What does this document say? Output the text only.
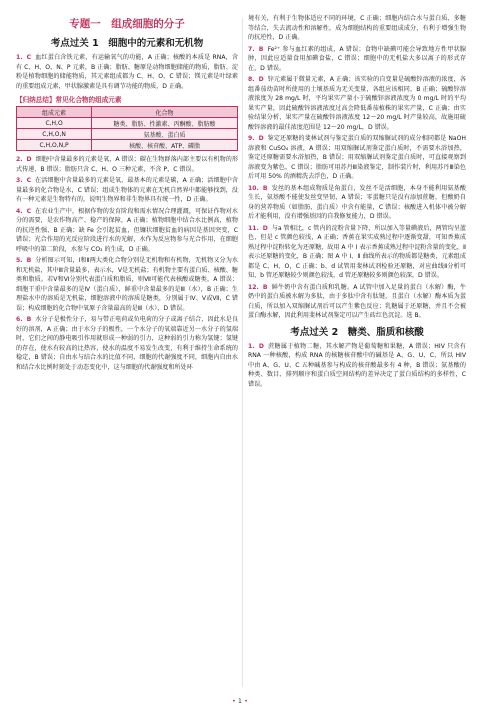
专题一　组成细胞的分子
考点过关 1　细胞中的元素和无机物

1. C 血红蛋白含铁元素，有运输氧气的功能，A 正确；核酸的本质是 RNA，含有 C、H、O、N、P 元素，B 正确；脂肪、糖原是动物细胞储能的物质，脂肪、淀粉是植物细胞的储能物质，其元素组成都为 C、H、O，C 错误；镁元素是叶绿素的重要组成元素，甲状腺激素是具有调节功能的物质，D 正确。

【归纳总结】常见化合物的组成元素
组成元素	化合物
C,H,O	糖类、脂肪、性激素、丙酮酸、脂肪酸
C,H,O,N	氨基酸、蛋白质
C,H,O,N,P	核酸、核苷酸、ATP、磷脂

2. D 细胞中含量最多的元素是氧，A 错误；碳在生物群落内部主要以有机物的形式传递，B 错误；脂肪只含 C、H、O 三种元素，不含 P，C 错误。

3. C 在活细胞中含量最多的元素是氧，最基本的元素是碳，A 正确；活细胞中含量最多的化合物是水，C 错误；组成生物体的元素在无机自然界中都能够找到，没有一种元素是生物特有的，说明生物界和非生物界具有统一性，D 正确。

4. C 在农业生产中，根据作物的发育阶段和需水情况合理灌溉，可保证作物对水分的需要，是农作物高产、稳产的保障，A 正确；植物细胞中结合水比例高，植物的抗逆性强，B 正确；缺 Fe 会引起贫血，但镰状细胞贫血的病因是基因突变，C 错误；光合作用的光反应阶段进行水的光解，水作为反应物参与光合作用，在细胞呼吸中的第二阶段，水参与 CO₂ 的生成，D 正确。

5. B 分析图示可知，Ⅰ和Ⅱ两大类化合物分别是无机物和有机物，无机物又分为水和无机盐，其中Ⅲ含量最多，表示水，Ⅴ是无机盐；有机物主要有蛋白质、核酸、糖类和脂质。若Ⅴ和Ⅵ分别代表蛋白质和脂质，则Ⅶ可能代表核酸或糖类，A 错误；细胞干重中含量最多的是Ⅳ（蛋白质），鲜重中含量最多的是Ⅲ（水），B 正确；生理盐水中的溶质是无机盐，细胞溶液中的溶质是糖类，分别属于Ⅳ、Ⅴ或Ⅶ，C 错误；构成细胞的化合物中氧原子含量最高的是Ⅲ（水），D 错误。

6. B 水分子是极性分子，易与带正电荷或负电荷的分子或离子结合，因此水是良好的溶剂，A 正确；由于水分子的极性，一个水分子的氧端靠近另一水分子的氢端时，它们之间的静电吸引作用就形成一种弱的引力，这种弱的引力称为氢键；氢键的存在，使水有较高的比热容，使水的温度不易发生改变，有利于维持生命系统的稳定，B 错误；自由水与结合水的比值不同，细胞的代谢强度不同，细胞内自由水和结合水比例时刻处于动态变化中，这与细胞的代谢强度和所处环

境有关，有利于生物体适应不同的环境，C 正确；细胞内结合水与蛋白质、多糖等结合，失去流动性和溶解性，成为细胞结构的重要组成成分，有利于增强生物的抗逆性，D 正确。

7. B Fe²⁺ 参与血红素的组成，A 错误；食物中缺碘可能会导致地方性甲状腺肿，因此应适量食用加碘食盐，C 错误；细胞中的无机盐大多以离子的形式存在，D 错误。

8. D 锌元素属于微量元素，A 正确；该实验的自变量是硫酸锌溶液的浓度，各组番茄幼苗时所使用的土壤基质为无关变量，各组应该相同，B 正确；硫酸锌溶液浓度为 28 mg/L 时，平均果实产量小于硫酸锌溶液浓度为 0 mg/L 时的平均果实产量，因此硫酸锌溶液浓度过高会降低番茄植株的果实产量，C 正确；由实验结果分析，果实产量在硫酸锌溶液浓度 12～20 mg/L 时产量较高，故施用硫酸锌溶液的最佳浓度范围是 12～20 mg/L，D 错误。

9. D 鉴定还原糖的斐林试剂与鉴定蛋白质的双缩脲试剂的成分相同都是 NaOH 溶液和 CuSO₄ 溶液，A 错误；用双缩脲试剂鉴定蛋白质时，不需要水浴加热，鉴定还原糖需要水浴加热，B 错误；用双缩脲试剂鉴定蛋白质时，可直接观察到溶液变为紫色，C 错误；脂肪可用苏丹Ⅲ染液鉴定，制作装片时，利用苏丹Ⅲ染色后可用 50% 的酒精洗去浮色，D 正确。

10. B 发丝的基本组成物质是角蛋白，发丝不是活细胞，本身不能利用氨基酸生长，氨基酸不能使发丝变坚韧，A 错误；零蛋糖只是没有添加蔗糖，但酸奶自身的营养物质（如脂肪、蛋白质）中含有能量，C 错误；核酸进入机体中被分解后才能利用，没有增强基因的自我修复能力，D 错误。

11. D 与a 管相比，c 管内的淀粉含量下降，所以加入等量碘液后，两管均呈蓝色，但是 c 管颜色较浅，A 正确；香蕉在果实成熟过程中逐渐变甜，可知香蕉成熟过程中淀粉转化为还原糖，故用 A 中 Ⅰ 表示香蕉成熟过程中淀粉含量的变化，Ⅱ表示还原糖的变化，B 正确；图 A 中 Ⅰ、Ⅱ 曲线所表示的物质都是糖类，元素组成都是 C、H、O，C 正确；b、d 试管用斐林试剂检验还原糖，对应曲线Ⅱ分析可知，b 管还原糖较少则颜色较浅，d 管还原糖较多则颜色较深，D 错误。

12. B 鲜牛奶中含有蛋白质和乳糖。A 试管中加入足量的蛋白（水解）酶，牛奶中的蛋白质被水解为多肽，由于多肽中含有肽键，且蛋白（水解）酶本质为蛋白质，所以加入双缩脲试剂后可以产生紫色反应；乳糖属于还原糖，并且不会被蛋白酶水解，因此利用斐林试剂鉴定可以产生砖红色沉淀。选 B。

考点过关 2　糖类、脂质和核酸

1. D 蔗糖属于植物二糖，其水解产物是葡萄糖和果糖，A 错误；HIV 只含有 RNA 一种核酸，构成 RNA 的核糖核苷酸中的碱基是 A、G、U、C，所以 HIV 中由 A、G、U、C 五种碱基参与构成的核苷酸最多有 4 种，B 错误；氨基酸的种类、数目、排列顺序和蛋白质空间结构的差异决定了蛋白质结构的多样性，C 错误。

• 1 •
